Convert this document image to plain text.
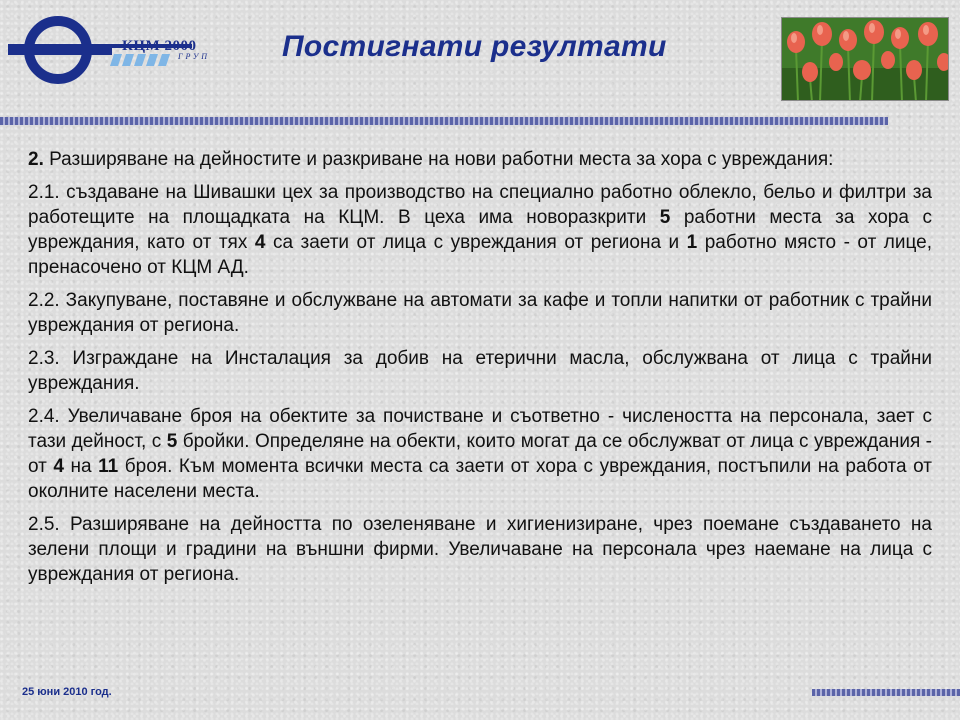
КЦМ 2000
ГРУП Постигнати резултати

2. Разширяване на дейностите и разкриване на нови работни места за хора с увреждания:

2.1. създаване на Шивашки цех за производство на специално работно облекло, бельо и филтри за работещите на площадката на КЦМ. В цеха има новоразкрити 5 работни места за хора с увреждания, като от тях 4 са заети от лица с увреждания от региона и 1 работно място - от лице, пренасочено от КЦМ АД.

2.2. Закупуване, поставяне и обслужване на автомати за кафе и топли напитки от работник с трайни увреждания от региона.

2.3. Изграждане на Инсталация за добив на етерични масла, обслужвана от лица с трайни увреждания.

2.4. Увеличаване броя на обектите за почистване и съответно - числеността на персонала, зает с тази дейност, с 5 бройки. Определяне на обекти, които могат да се обслужват от лица с увреждания - от 4 на 11 броя. Към момента всички места са заети от хора с увреждания, постъпили на работа от околните населени места.

2.5. Разширяване на дейността по озеленяване и хигиенизиране, чрез поемане създаването на зелени площи и градини на външни фирми. Увеличаване на персонала чрез наемане на лица с увреждания от региона.

25 юни 2010 год.
